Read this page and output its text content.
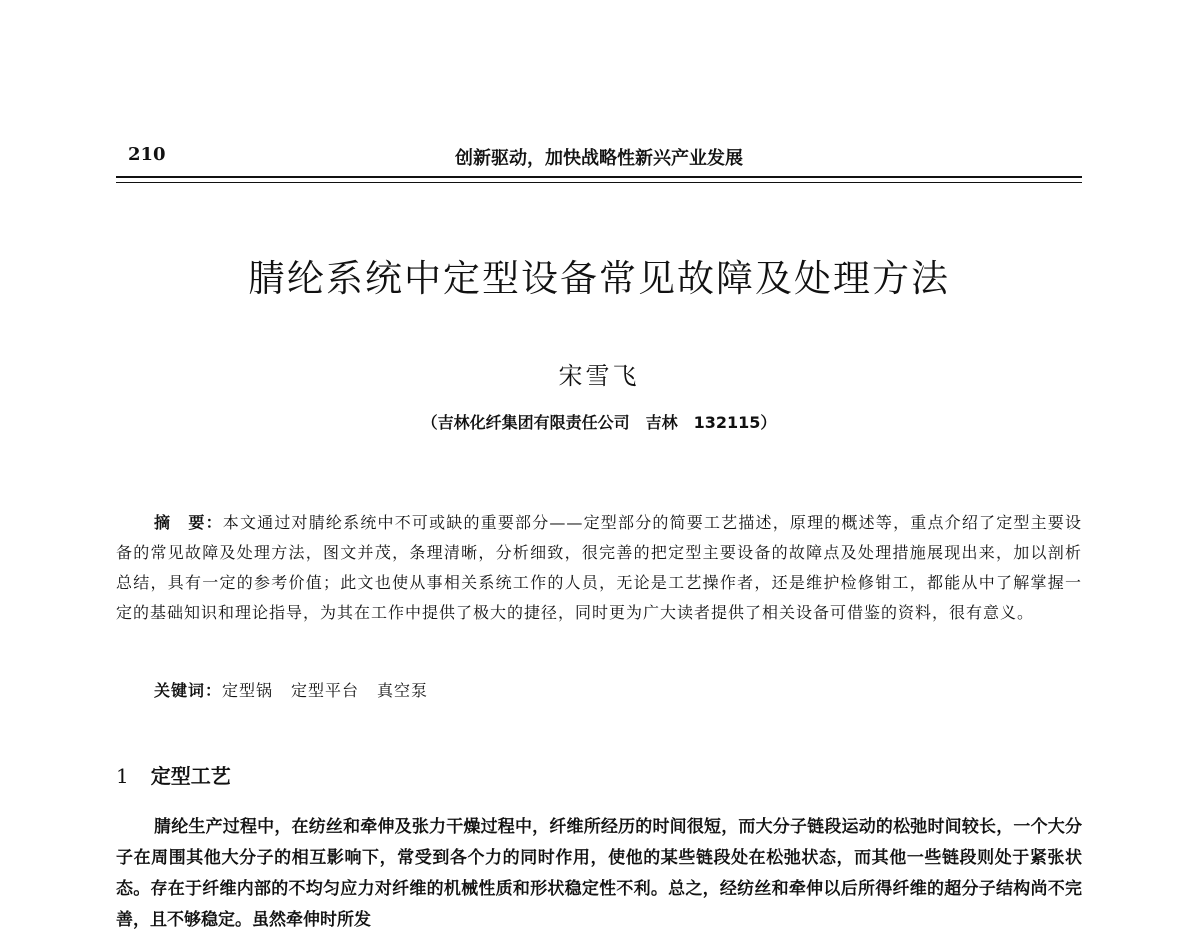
210	创新驱动，加快战略性新兴产业发展
腈纶系统中定型设备常见故障及处理方法
宋雪飞
（吉林化纤集团有限责任公司　吉林　132115）

摘　要：本文通过对腈纶系统中不可或缺的重要部分——定型部分的简要工艺描述，原理的概述等，重点介绍了定型主要设备的常见故障及处理方法，图文并茂，条理清晰，分析细致，很完善的把定型主要设备的故障点及处理措施展现出来，加以剖析总结，具有一定的参考价值；此文也使从事相关系统工作的人员，无论是工艺操作者，还是维护检修钳工，都能从中了解掌握一定的基础知识和理论指导，为其在工作中提供了极大的捷径，同时更为广大读者提供了相关设备可借鉴的资料，很有意义。

关键词：定型锅 定型平台 真空泵
1 定型工艺

腈纶生产过程中，在纺丝和牵伸及张力干燥过程中，纤维所经历的时间很短，而大分子链段运动的松弛时间较长，一个大分子在周围其他大分子的相互影响下，常受到各个力的同时作用，使他的某些链段处在松弛状态，而其他一些链段则处于紧张状态。存在于纤维内部的不均匀应力对纤维的机械性质和形状稳定性不利。总之，经纺丝和牵伸以后所得纤维的超分子结构尚不完善，且不够稳定。虽然牵伸时所发
